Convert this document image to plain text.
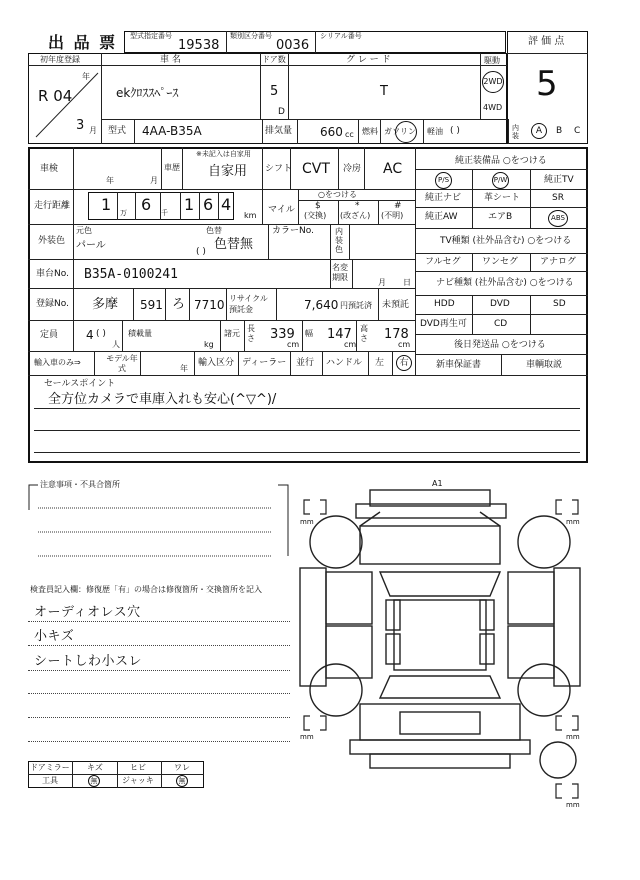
出 品 票 型式指定番号
19538
類別区分番号
0036
シリアル番号	評 価 点
5
初年度登録
年
R 04
3 月
車 名
ekｸﾛｽｽﾍﾟｰｽ
ドア数
5
D
グ レ ー ド
T
駆動
2WD
4WD
型式 4AA-B35A	排気量 660 cc 燃料 ガソリン 軽油 ( )	内装	A	B C
車検
年	月
車歴
※未記入は自家用
自家用 シフト CVT 冷房 AC
走行距離 1 万 6 千 1 6 4
km
マイル
○をつける
$
(交換)
*
(改ざん)
#
(不明)
外装色
元色
パール
色替
色替無
( )
カラーNo.	内装色
車台No. B35A-0100241	名変期限
月 日
登録No. 多摩 591 ろ 7710 リサイクル預託金	7,640 円預託済 未預託
定員 4 ( )
人
積載量
kg
諸元
長さ 339
cm
幅 147
cm
高さ 178
cm
輸入車のみ⇒	モデル年式	年
輸入区分 ディーラー 並行 ハンドル 左	右
純正装備品 ○をつける
P/S	P/W	純正TV
純正ナビ	革シート	SR
純正AW	エアB	ABS
TV種類 (社外品含む) ○をつける
フルセグ ワンセグ アナログ
ナビ種類 (社外品含む) ○をつける
HDD	DVD	SD
DVD再生可	CD
後日発送品 ○をつける
新車保証書	車輌取説
セールスポイント
全方位カメラで車庫入れも安心(^▽^)/
注意事項・不具合箇所
検査員記入欄：修復歴「有」の場合は修復箇所・交換箇所を記入
オーディオレス穴
小キズ
シートしわ小スレ
ドアミラー キズ	ヒビ	ワレ
工具	無	ジャッキ	無
A1
mm	mm
mm	mm
mm
